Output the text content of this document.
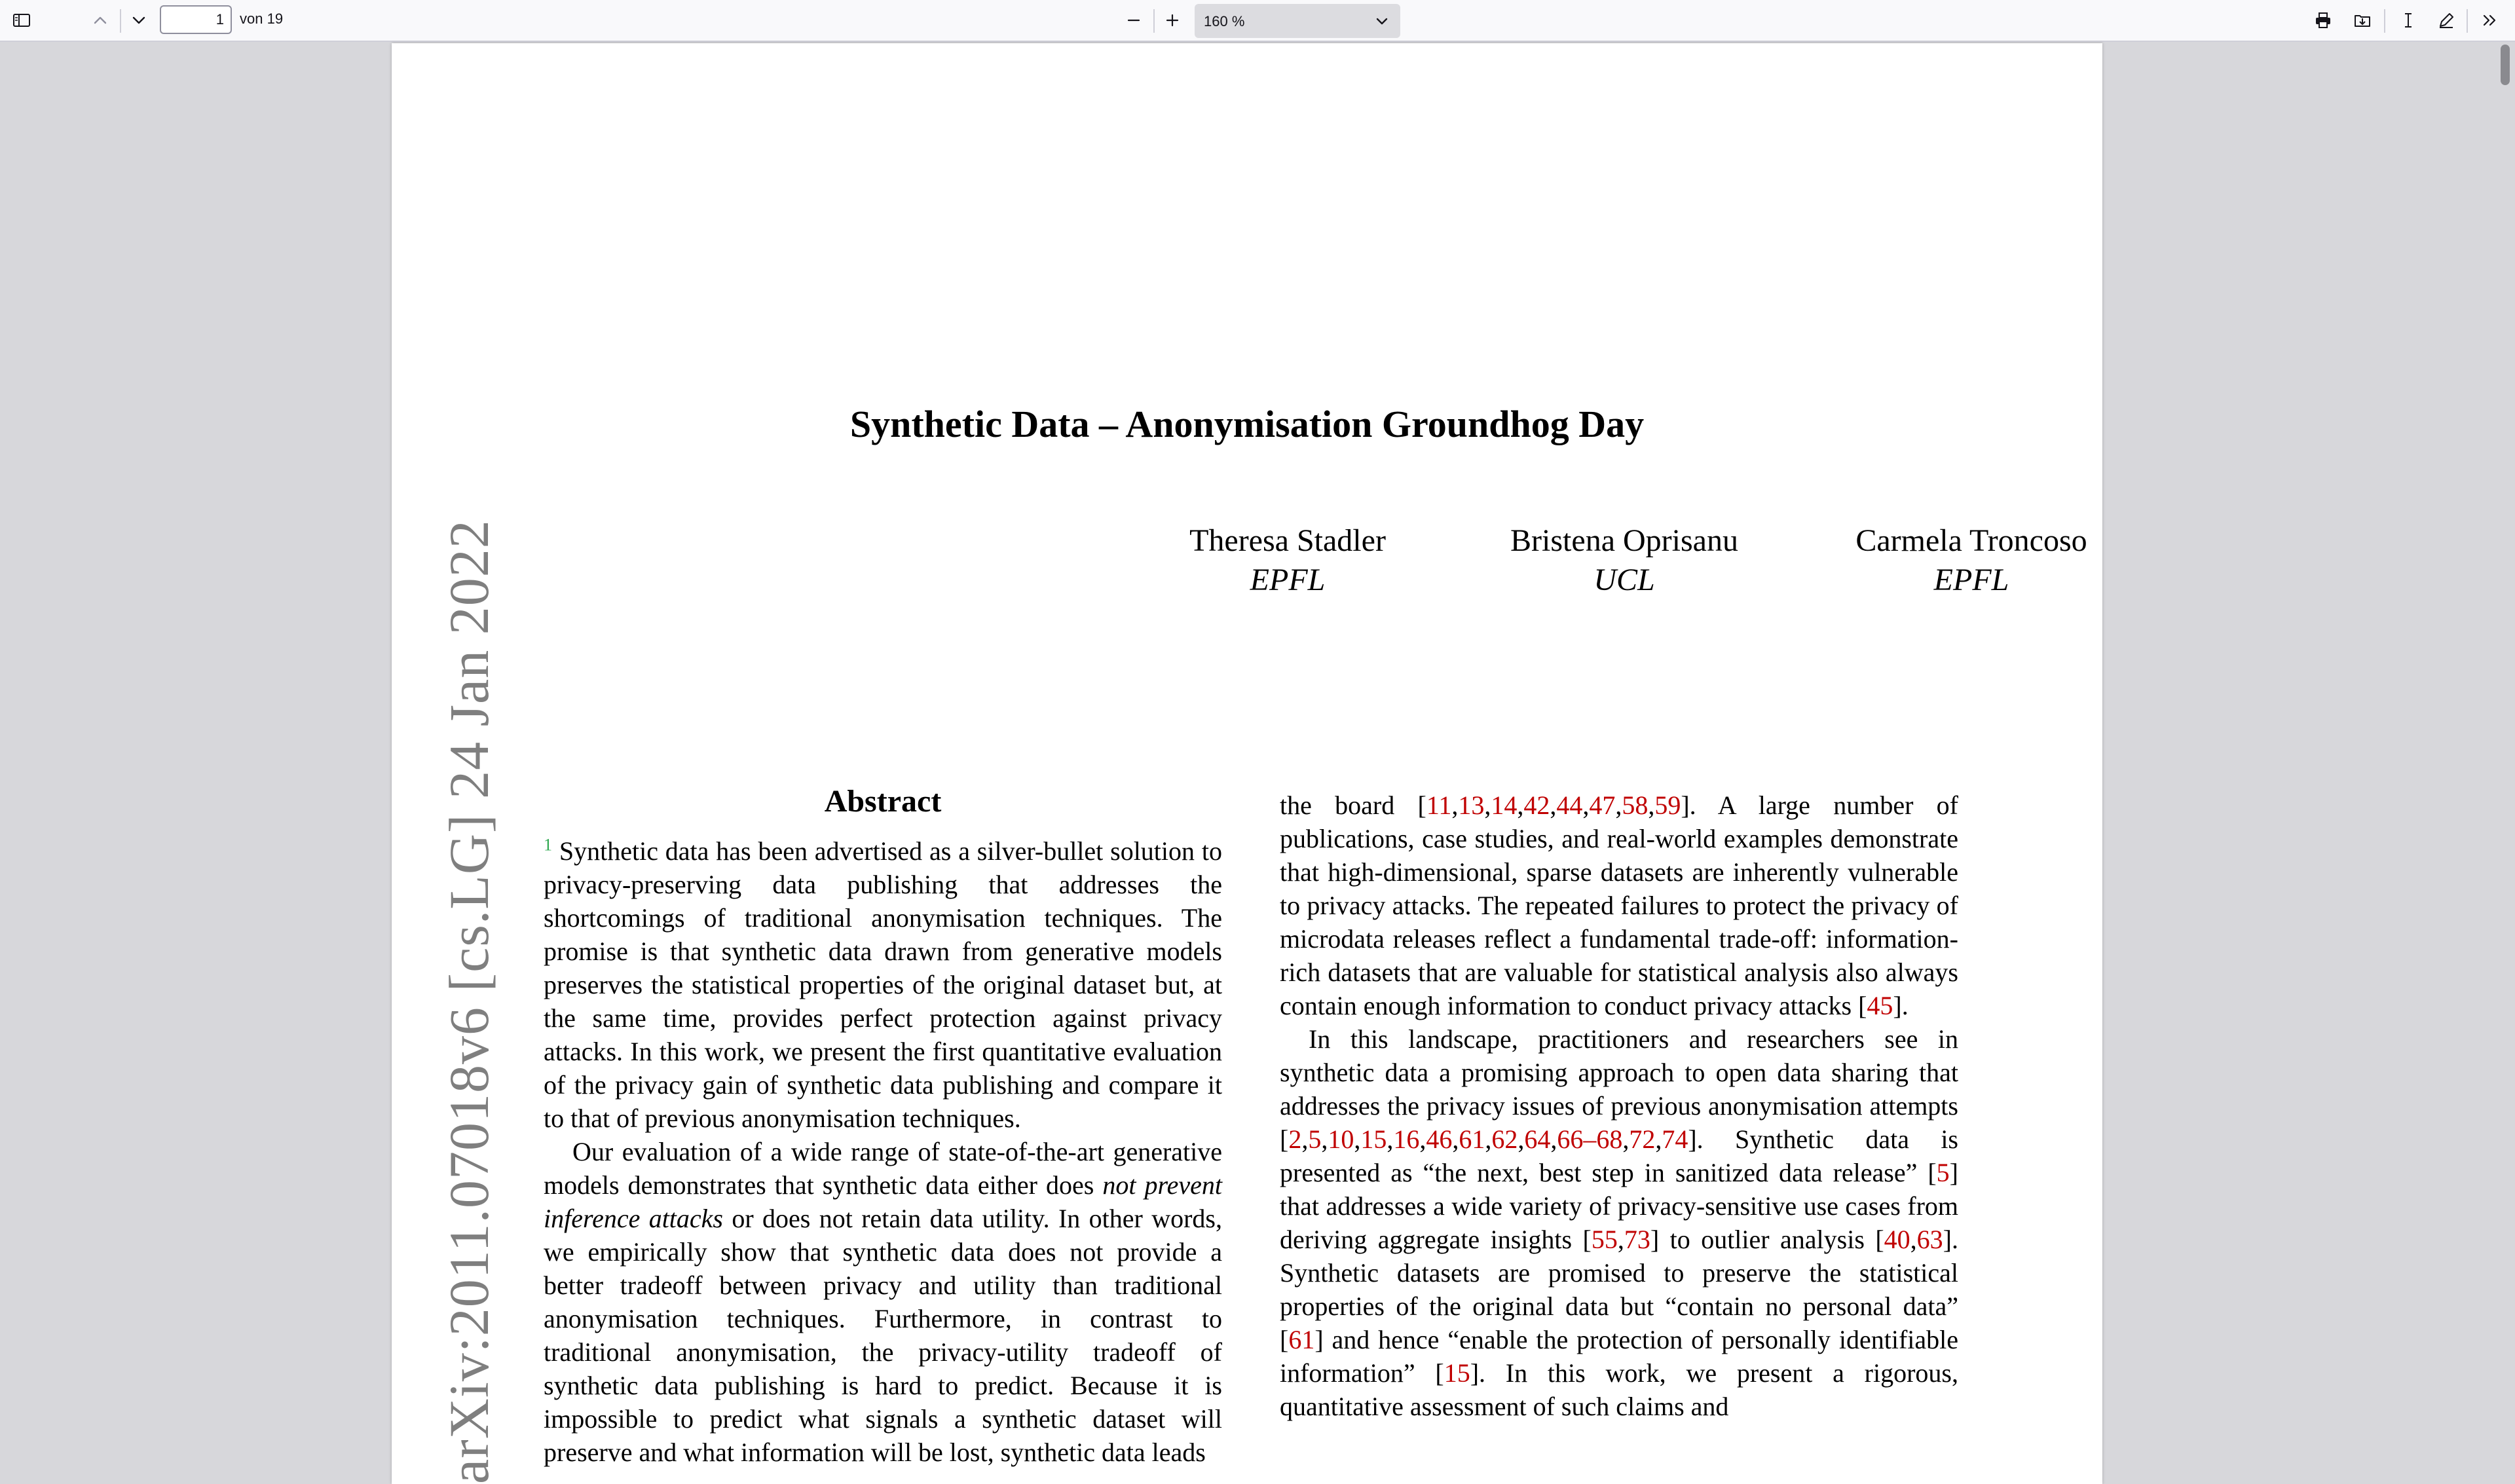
1
von 19	160 %
Synthetic Data – Anonymisation Groundhog Day
Theresa Stadler
EPFL
Bristena Oprisanu
UCL
Carmela Troncoso
EPFL
arXiv:2011.07018v6 [cs.LG] 24 Jan 2022	Abstract

$^1$ Synthetic data has been advertised as a silver-bullet solution to privacy-preserving data publishing that addresses the shortcomings of traditional anonymisation techniques. The promise is that synthetic data drawn from generative models preserves the statistical properties of the original dataset but, at the same time, provides perfect protection against privacy attacks. In this work, we present the first quantitative evaluation of the privacy gain of synthetic data publishing and compare it to that of previous anonymisation techniques.

Our evaluation of a wide range of state-of-the-art generative models demonstrates that synthetic data either does not prevent inference attacks or does not retain data utility. In other words, we empirically show that synthetic data does not provide a better tradeoff between privacy and utility than traditional anonymisation techniques. Furthermore, in contrast to traditional anonymisation, the privacy-utility tradeoff of synthetic data publishing is hard to predict. Because it is impossible to predict what signals a synthetic dataset will preserve and what information will be lost, synthetic data leads

the board [11,13,14,42,44,47,58,59]. A large number of publications, case studies, and real-world examples demonstrate that high-dimensional, sparse datasets are inherently vulnerable to privacy attacks. The repeated failures to protect the privacy of microdata releases reflect a fundamental trade-off: information-rich datasets that are valuable for statistical analysis also always contain enough information to conduct privacy attacks [45].

In this landscape, practitioners and researchers see in synthetic data a promising approach to open data sharing that addresses the privacy issues of previous anonymisation attempts [2,5,10,15,16,46,61,62,64,66–68,72,74]. Synthetic data is presented as “the next, best step in sanitized data release” [5] that addresses a wide variety of privacy-sensitive use cases from deriving aggregate insights [55,73] to outlier analysis [40,63]. Synthetic datasets are promised to preserve the statistical properties of the original data but “contain no personal data” [61] and hence “enable the protection of personally identifiable information” [15]. In this work, we present a rigorous, quantitative assessment of such claims and
